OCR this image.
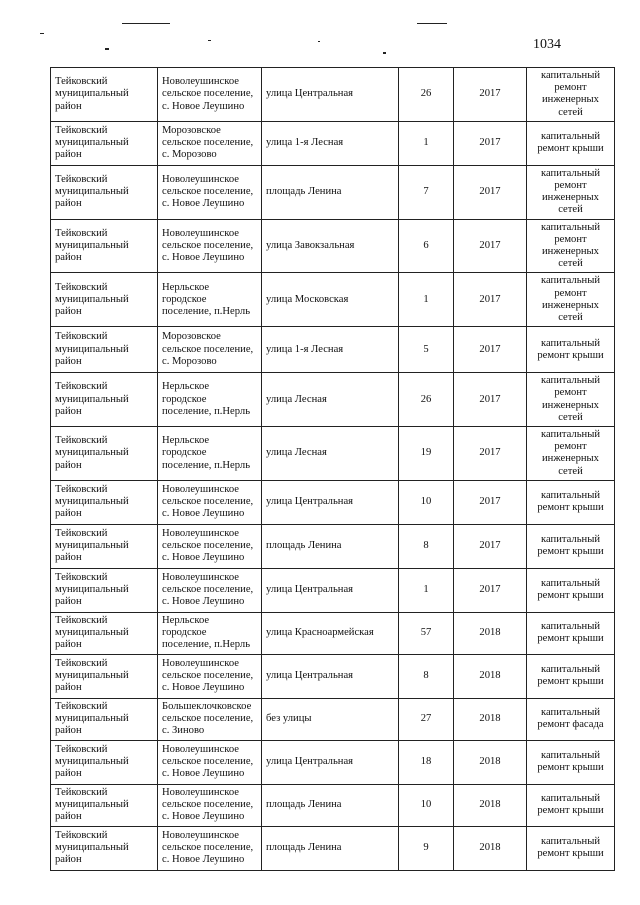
1034
Тейковский
муниципальный
район	Новолеушинское
сельское поселение,
с. Новое Леушино	улица Центральная	26	2017	капитальный
ремонт
инженерных
сетей

Тейковский
муниципальный
район	Морозовское
сельское поселение,
с. Морозово	улица 1-я Лесная	1	2017	капитальный
ремонт крыши

Тейковский
муниципальный
район	Новолеушинское
сельское поселение,
с. Новое Леушино	площадь Ленина	7	2017	капитальный
ремонт
инженерных
сетей

Тейковский
муниципальный
район	Новолеушинское
сельское поселение,
с. Новое Леушино	улица Завокзальная	6	2017	капитальный
ремонт
инженерных
сетей

Тейковский
муниципальный
район	Нерльское
городское
поселение, п.Нерль	улица Московская	1	2017	капитальный
ремонт
инженерных
сетей

Тейковский
муниципальный
район	Морозовское
сельское поселение,
с. Морозово	улица 1-я Лесная	5	2017	капитальный
ремонт крыши

Тейковский
муниципальный
район	Нерльское
городское
поселение, п.Нерль	улица Лесная	26	2017	капитальный
ремонт
инженерных
сетей

Тейковский
муниципальный
район	Нерльское
городское
поселение, п.Нерль	улица Лесная	19	2017	капитальный
ремонт
инженерных
сетей

Тейковский
муниципальный
район	Новолеушинское
сельское поселение,
с. Новое Леушино	улица Центральная	10	2017	капитальный
ремонт крыши

Тейковский
муниципальный
район	Новолеушинское
сельское поселение,
с. Новое Леушино	площадь Ленина	8	2017	капитальный
ремонт крыши

Тейковский
муниципальный
район	Новолеушинское
сельское поселение,
с. Новое Леушино	улица Центральная	1	2017	капитальный
ремонт крыши

Тейковский
муниципальный
район	Нерльское
городское
поселение, п.Нерль	улица Красноармейская	57	2018	капитальный
ремонт крыши

Тейковский
муниципальный
район	Новолеушинское
сельское поселение,
с. Новое Леушино	улица Центральная	8	2018	капитальный
ремонт крыши

Тейковский
муниципальный
район	Большеклочковское
сельское поселение,
с. Зиново	без улицы	27	2018	капитальный
ремонт фасада

Тейковский
муниципальный
район	Новолеушинское
сельское поселение,
с. Новое Леушино	улица Центральная	18	2018	капитальный
ремонт крыши

Тейковский
муниципальный
район	Новолеушинское
сельское поселение,
с. Новое Леушино	площадь Ленина	10	2018	капитальный
ремонт крыши

Тейковский
муниципальный
район	Новолеушинское
сельское поселение,
с. Новое Леушино	площадь Ленина	9	2018	капитальный
ремонт крыши
